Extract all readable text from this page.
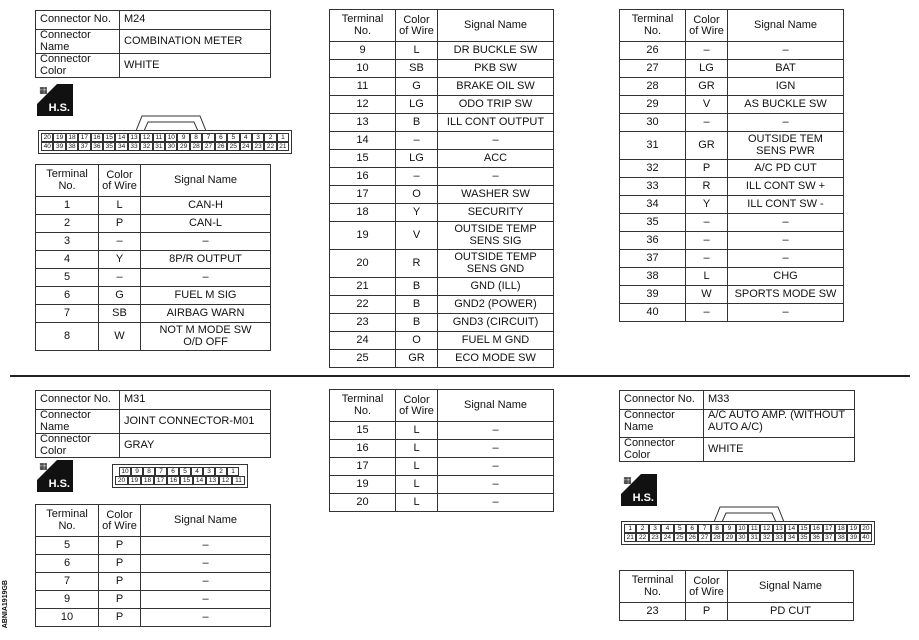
Connector No.	M24
Connector Name	COMBINATION METER
Connector Color	WHITE
▦
H.S.
20 19 18 17 16 15 14 13 12 11 10	9	8	7	6	5	4	3	2	1
40 39 38 37 36 35 34 33 32 31 30 29 28 27 26 25 24 23 22 21
Terminal No.	Color of Wire	Signal Name
1	L	CAN-H
2	P	CAN-L
3	–	–
4	Y	8P/R OUTPUT
5	–	–
6	G	FUEL M SIG
7	SB	AIRBAG WARN
8	W	NOT M MODE SW O/D OFF
Terminal No.	Color of Wire	Signal Name
9	L	DR BUCKLE SW
10	SB	PKB SW
11	G	BRAKE OIL SW
12	LG	ODO TRIP SW
13	B	ILL CONT OUTPUT
14	–	–
15	LG	ACC
16	–	–
17	O	WASHER SW
18	Y	SECURITY
19	V	OUTSIDE TEMP SENS SIG
20	R	OUTSIDE TEMP SENS GND
21	B	GND (ILL)
22	B	GND2 (POWER)
23	B	GND3 (CIRCUIT)
24	O	FUEL M GND
25	GR	ECO MODE SW
Terminal No.	Color of Wire	Signal Name
26	–	–
27	LG	BAT
28	GR	IGN
29	V	AS BUCKLE SW
30	–	–
31	GR	OUTSIDE TEM SENS PWR
32	P	A/C PD CUT
33	R	ILL CONT SW +
34	Y	ILL CONT SW -
35	–	–
36	–	–
37	–	–
38	L	CHG
39	W	SPORTS MODE SW
40	–	–
Connector No.	M31
Connector Name	JOINT CONNECTOR-M01
Connector Color	GRAY
▦
H.S.
10	9	8	7	6	5	4	3	2	1
20 19 18 17 16 15 14 13 12 11
Terminal No.	Color of Wire	Signal Name
5	P	–
6	P	–
7	P	–
9	P	–
10	P	–
Terminal No.	Color of Wire	Signal Name
15	L	–
16	L	–
17	L	–
19	L	–
20	L	–
Connector No.	M33
Connector Name	A/C AUTO AMP. (WITHOUT AUTO A/C)
Connector Color	WHITE
▦
H.S.
1	2	3	4	5	6	7	8	9	10 11 12 13 14 15 16 17 18 19 20
21 22 23 24 25 26 27 28 29 30 31 32 33 34 35 36 37 38 39 40
Terminal No.	Color of Wire	Signal Name
23	P	PD CUT
ABNIA1919GB
